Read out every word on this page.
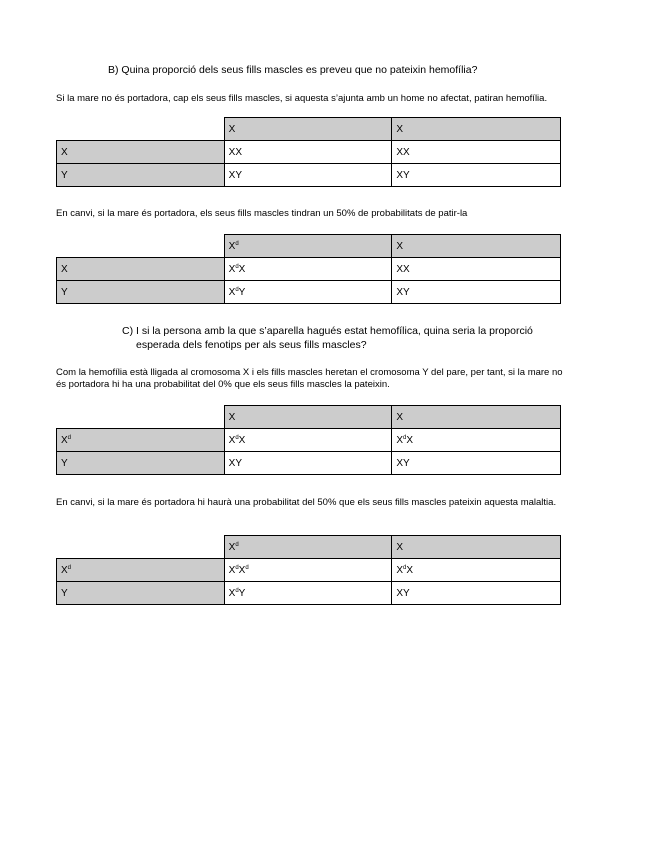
B) Quina proporció dels seus fills mascles es preveu que no pateixin hemofília?
Si la mare no és portadora, cap els seus fills mascles, si aquesta s’ajunta amb un home no afectat, patiran hemofília.
	X	X
X	XX	XX
Y	XY	XY
En canvi, si la mare és portadora, els seus fills mascles tindran un 50% de probabilitats de patir-la
	$X^d$	X
X	$X^dX$	XX
Y	$X^dY$	XY
C) I si la persona amb la que s’aparella hagués estat hemofílica, quina seria la proporció esperada dels fenotips per als seus fills mascles?
Com la hemofília està lligada al cromosoma X i els fills mascles heretan el cromosoma Y del pare, per tant, si la mare no és portadora hi ha una probabilitat del 0% que els seus fills mascles la pateixin.
	X	X
$X^d$	$X^dX$	$X^dX$
Y	XY	XY
En canvi, si la mare és portadora hi haurà una probabilitat del 50% que els seus fills mascles pateixin aquesta malaltia.
	$X^d$	X
$X^d$	$X^dX^d$	$X^dX$
Y	$X^dY$	XY
